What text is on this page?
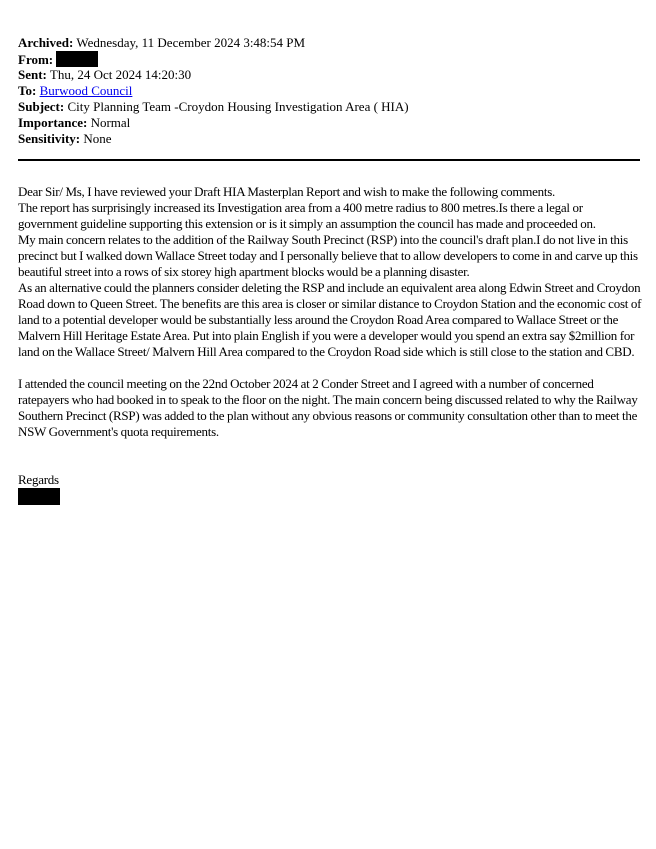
Archived: Wednesday, 11 December 2024 3:48:54 PM
From:
Sent: Thu, 24 Oct 2024 14:20:30
To: Burwood Council
Subject: City Planning Team -Croydon Housing Investigation Area ( HIA)
Importance: Normal
Sensitivity: None

Dear Sir/ Ms, I have reviewed your Draft HIA Masterplan Report and wish to make the following comments.

The report has surprisingly increased its Investigation area from a 400 metre radius to 800 metres.Is there a legal or government guideline supporting this extension or is it simply an assumption the council has made and proceeded on.

My main concern relates to the addition of the Railway South Precinct (RSP) into the council's draft plan.I do not live in this precinct but I walked down Wallace Street today and I personally believe that to allow developers to come in and carve up this beautiful street into a rows of six storey high apartment blocks would be a planning disaster.

As an alternative could the planners consider deleting the RSP and include an equivalent area along Edwin Street and Croydon Road down to Queen Street. The benefits are this area is closer or similar distance to Croydon Station and the economic cost of land to a potential developer would be substantially less around the Croydon Road Area compared to Wallace Street or the Malvern Hill Heritage Estate Area. Put into plain English if you were a developer would you spend an extra say $2million for land on the Wallace Street/ Malvern Hill Area compared to the Croydon Road side which is still close to the station and CBD.

I attended the council meeting on the 22nd October 2024 at 2 Conder Street and I agreed with a number of concerned ratepayers who had booked in to speak to the floor on the night. The main concern being discussed related to why the Railway Southern Precinct (RSP) was added to the plan without any obvious reasons or community consultation other than to meet the NSW Government's quota requirements.

Regards
